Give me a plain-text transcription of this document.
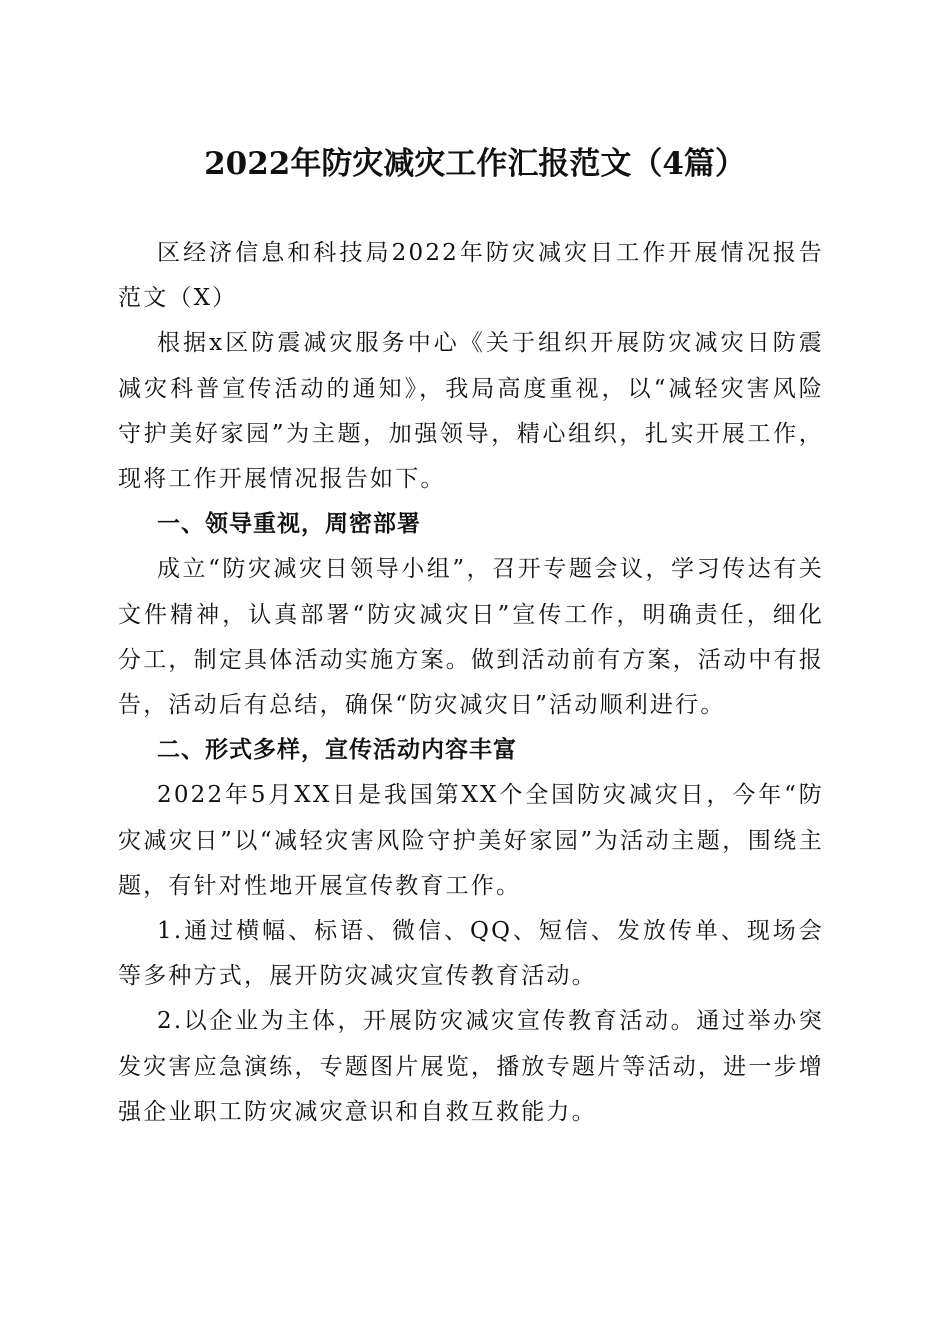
2022年防灾减灾工作汇报范文（4篇）

区经济信息和科技局2022年防灾减灾日工作开展情况报告范文（X）

根据x区防震减灾服务中心《关于组织开展防灾减灾日防震减灾科普宣传活动的通知》，我局高度重视，以“减轻灾害风险守护美好家园”为主题，加强领导，精心组织，扎实开展工作，现将工作开展情况报告如下。

一、领导重视，周密部署

成立“防灾减灾日领导小组”，召开专题会议，学习传达有关文件精神，认真部署“防灾减灾日”宣传工作，明确责任，细化分工，制定具体活动实施方案。做到活动前有方案，活动中有报告，活动后有总结，确保“防灾减灾日”活动顺利进行。

二、形式多样，宣传活动内容丰富

2022年5月XX日是我国第XX个全国防灾减灾日，今年“防灾减灾日”以“减轻灾害风险守护美好家园”为活动主题，围绕主题，有针对性地开展宣传教育工作。

1.通过横幅、标语、微信、QQ、短信、发放传单、现场会等多种方式，展开防灾减灾宣传教育活动。

2.以企业为主体，开展防灾减灾宣传教育活动。通过举办突发灾害应急演练，专题图片展览，播放专题片等活动，进一步增强企业职工防灾减灾意识和自救互救能力。
